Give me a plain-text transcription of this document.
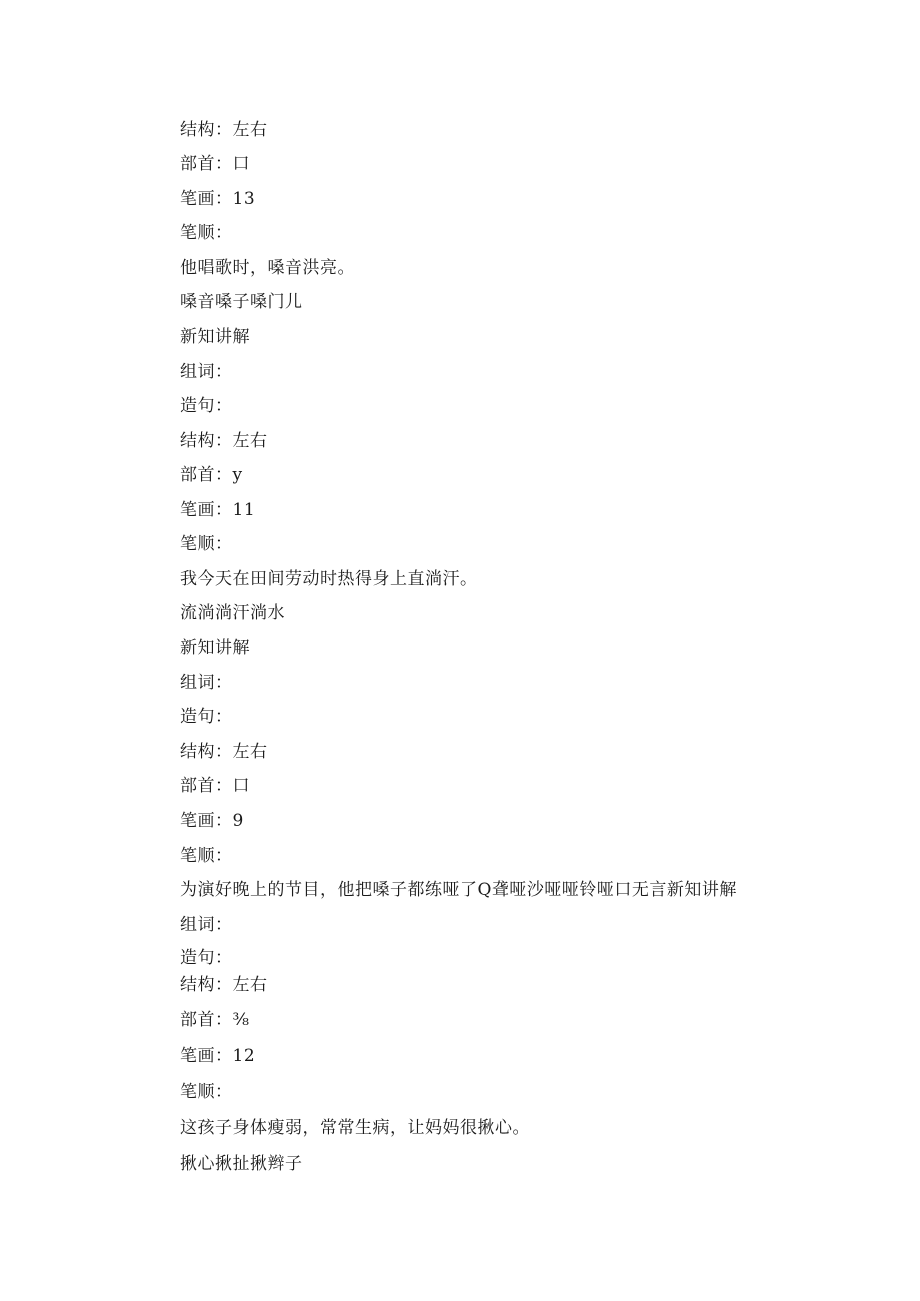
结构：左右
部首：口
笔画：13
笔顺：
他唱歌时，嗓音洪亮。
嗓音嗓子嗓门儿
新知讲解
组词：
造句：
结构：左右
部首：y
笔画：11
笔顺：
我今天在田间劳动时热得身上直淌汗。
流淌淌汗淌水
新知讲解
组词：
造句：
结构：左右
部首：口
笔画：9
笔顺：
为演好晚上的节目，他把嗓子都练哑了Q聋哑沙哑哑铃哑口无言新知讲解
组词：
造句：
结构：左右
部首：⅜
笔画：12
笔顺：
这孩子身体瘦弱，常常生病，让妈妈很揪心。
揪心揪扯揪辫子
